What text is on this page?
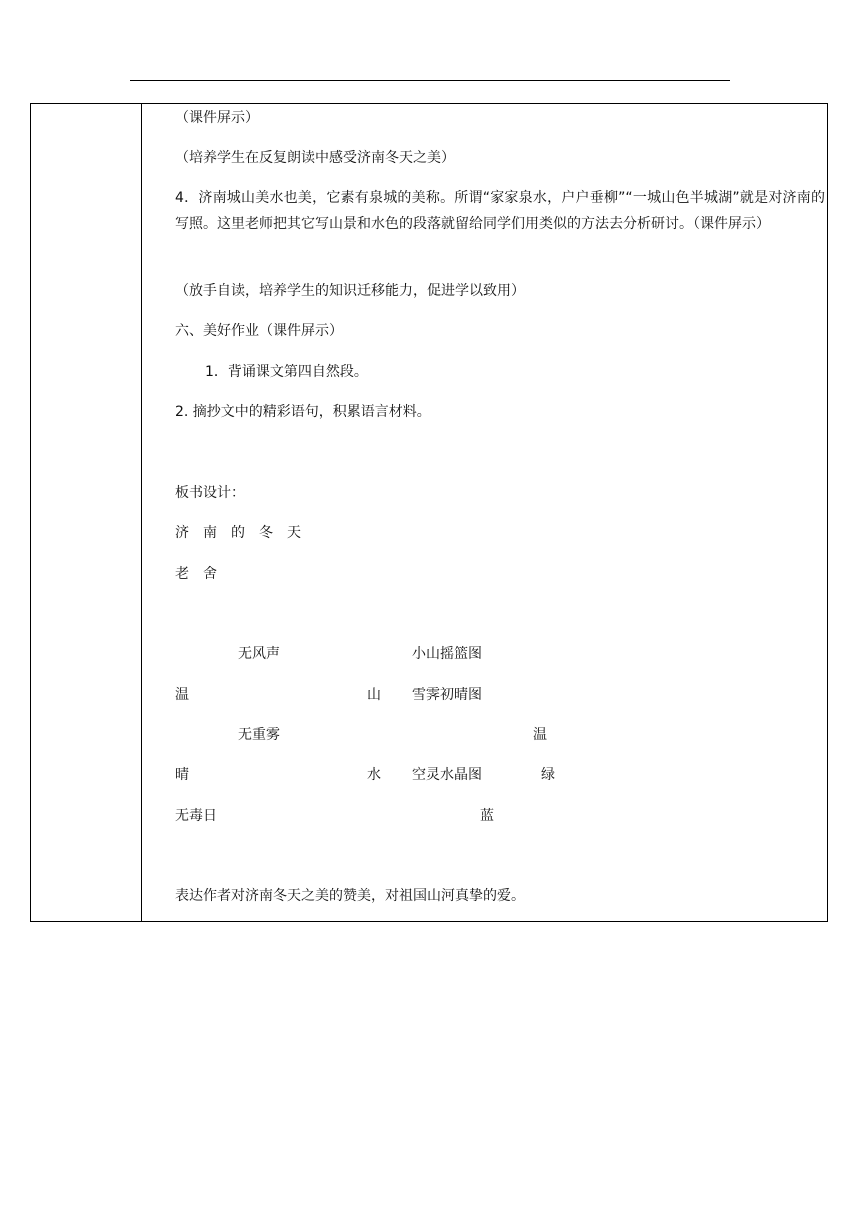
（课件屏示）
（培养学生在反复朗读中感受济南冬天之美）
4．济南城山美水也美，它素有泉城的美称。所谓“家家泉水，户户垂柳”“一城山色半城湖”就是对济南的写照。这里老师把其它写山景和水色的段落就留给同学们用类似的方法去分析研讨。（课件屏示）
（放手自读，培养学生的知识迁移能力，促进学以致用）
六、美好作业（课件屏示）
1．背诵课文第四自然段。
2. 摘抄文中的精彩语句，积累语言材料。
板书设计：
济　南　的　冬　天
老　舍
无风声	小山摇篮图
温	山 雪霁初晴图
无重雾	温
晴	水 空灵水晶图	绿
无毒日	蓝
表达作者对济南冬天之美的赞美，对祖国山河真挚的爱。
